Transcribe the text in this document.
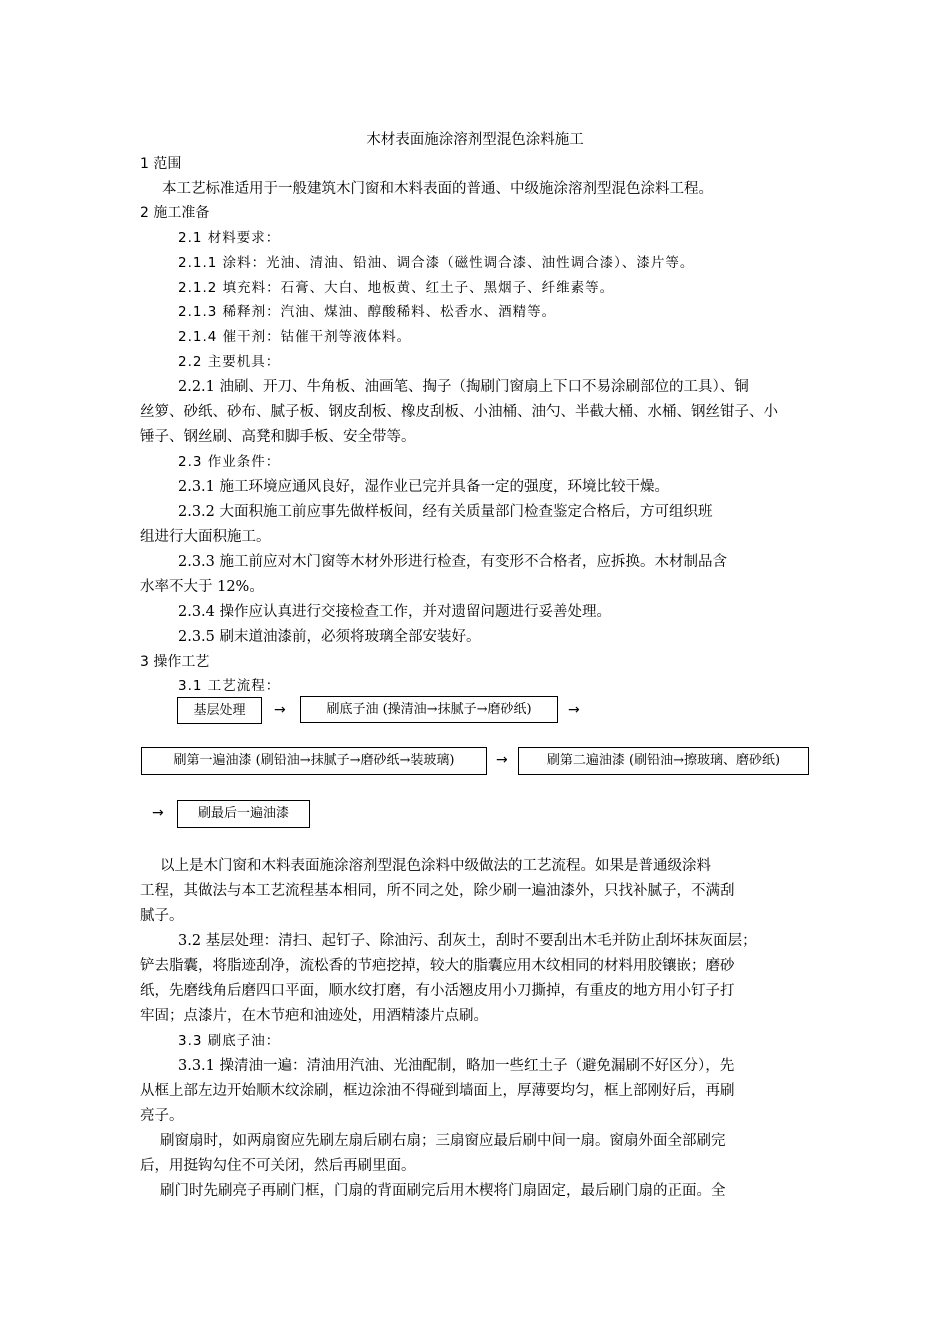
木材表面施涂溶剂型混色涂料施工
1 范围
本工艺标准适用于一般建筑木门窗和木料表面的普通、中级施涂溶剂型混色涂料工程。
2 施工准备
2.1 材料要求：
2.1.1 涂料：光油、清油、铅油、调合漆（磁性调合漆、油性调合漆）、漆片等。
2.1.2 填充料：石膏、大白、地板黄、红土子、黑烟子、纤维素等。
2.1.3 稀释剂：汽油、煤油、醇酸稀料、松香水、酒精等。
2.1.4 催干剂：钴催干剂等液体料。
2.2 主要机具：
2.2.1 油刷、开刀、牛角板、油画笔、掏子（掏刷门窗扇上下口不易涂刷部位的工具）、铜
丝箩、砂纸、砂布、腻子板、钢皮刮板、橡皮刮板、小油桶、油勺、半截大桶、水桶、钢丝钳子、小
锤子、钢丝刷、高凳和脚手板、安全带等。
2.3 作业条件：
2.3.1 施工环境应通风良好，湿作业已完并具备一定的强度，环境比较干燥。
2.3.2 大面积施工前应事先做样板间，经有关质量部门检查鉴定合格后，方可组织班
组进行大面积施工。
2.3.3 施工前应对木门窗等木材外形进行检查，有变形不合格者，应拆换。木材制品含
水率不大于 12%。
2.3.4 操作应认真进行交接检查工作，并对遗留问题进行妥善处理。
2.3.5 刷末道油漆前，必须将玻璃全部安装好。
3 操作工艺
3.1 工艺流程：
基层处理	→	刷底子油 (操清油→抹腻子→磨砂纸)	→
刷第一遍油漆 (刷铅油→抹腻子→磨砂纸→装玻璃)	→	刷第二遍油漆 (刷铅油→擦玻璃、磨砂纸)
→	刷最后一遍油漆
以上是木门窗和木料表面施涂溶剂型混色涂料中级做法的工艺流程。如果是普通级涂料
工程，其做法与本工艺流程基本相同，所不同之处，除少刷一遍油漆外，只找补腻子，不满刮
腻子。
3.2 基层处理：清扫、起钉子、除油污、刮灰土，刮时不要刮出木毛并防止刮坏抹灰面层；
铲去脂囊，将脂迹刮净，流松香的节疤挖掉，较大的脂囊应用木纹相同的材料用胶镶嵌；磨砂
纸，先磨线角后磨四口平面，顺水纹打磨，有小活翘皮用小刀撕掉，有重皮的地方用小钉子打
牢固；点漆片，在木节疤和油迹处，用酒精漆片点刷。
3.3 刷底子油：
3.3.1 操清油一遍：清油用汽油、光油配制，略加一些红土子（避免漏刷不好区分），先
从框上部左边开始顺木纹涂刷，框边涂油不得碰到墙面上，厚薄要均匀，框上部刚好后，再刷
亮子。
刷窗扇时，如两扇窗应先刷左扇后刷右扇；三扇窗应最后刷中间一扇。窗扇外面全部刷完
后，用挺钩勾住不可关闭，然后再刷里面。
刷门时先刷亮子再刷门框，门扇的背面刷完后用木楔将门扇固定，最后刷门扇的正面。全
